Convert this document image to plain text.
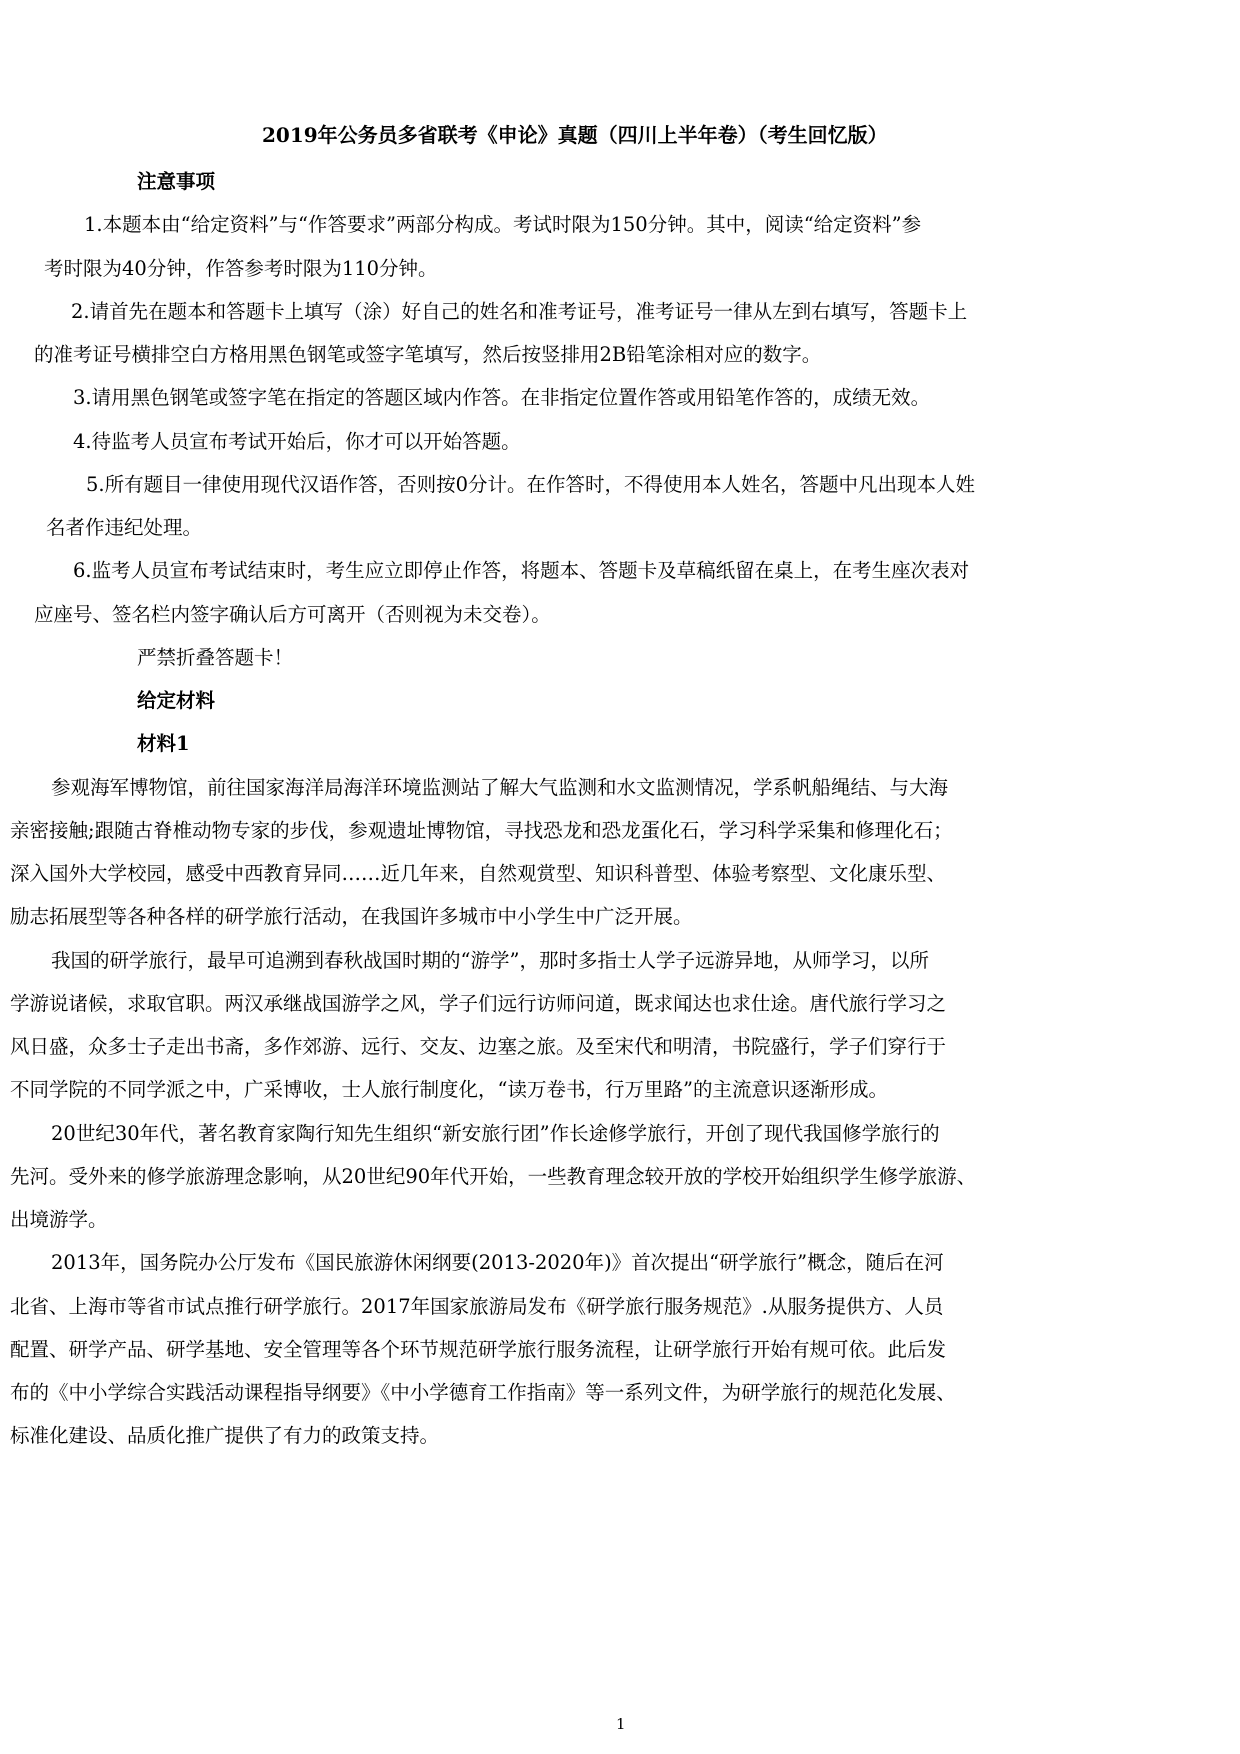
2019年公务员多省联考《申论》真题（四川上半年卷）（考生回忆版）
注意事项
1.本题本由“给定资料”与“作答要求”两部分构成。考试时限为150分钟。其中，阅读“给定资料”参
考时限为40分钟，作答参考时限为110分钟。
2.请首先在题本和答题卡上填写（涂）好自己的姓名和准考证号，准考证号一律从左到右填写，答题卡上
的准考证号横排空白方格用黑色钢笔或签字笔填写，然后按竖排用2B铅笔涂相对应的数字。
3.请用黑色钢笔或签字笔在指定的答题区域内作答。在非指定位置作答或用铅笔作答的，成绩无效。
4.待监考人员宣布考试开始后，你才可以开始答题。
5.所有题目一律使用现代汉语作答，否则按0分计。在作答时，不得使用本人姓名，答题中凡出现本人姓
名者作违纪处理。
6.监考人员宣布考试结束时，考生应立即停止作答，将题本、答题卡及草稿纸留在桌上，在考生座次表对
应座号、签名栏内签字确认后方可离开（否则视为未交卷）。
严禁折叠答题卡！
给定材料
材料1
参观海军博物馆，前往国家海洋局海洋环境监测站了解大气监测和水文监测情况，学系帆船绳结、与大海
亲密接触;跟随古脊椎动物专家的步伐，参观遗址博物馆，寻找恐龙和恐龙蛋化石，学习科学采集和修理化石；
深入国外大学校园，感受中西教育异同……近几年来，自然观赏型、知识科普型、体验考察型、文化康乐型、
励志拓展型等各种各样的研学旅行活动，在我国许多城市中小学生中广泛开展。
我国的研学旅行，最早可追溯到春秋战国时期的“游学”，那时多指士人学子远游异地，从师学习，以所
学游说诸候，求取官职。两汉承继战国游学之风，学子们远行访师问道，既求闻达也求仕途。唐代旅行学习之
风日盛，众多士子走出书斋，多作郊游、远行、交友、边塞之旅。及至宋代和明清，书院盛行，学子们穿行于
不同学院的不同学派之中，广采博收，士人旅行制度化，“读万卷书，行万里路”的主流意识逐渐形成。
20世纪30年代，著名教育家陶行知先生组织“新安旅行团”作长途修学旅行，开创了现代我国修学旅行的
先河。受外来的修学旅游理念影响，从20世纪90年代开始，一些教育理念较开放的学校开始组织学生修学旅游、
出境游学。
2013年，国务院办公厅发布《国民旅游休闲纲要(2013-2020年)》首次提出“研学旅行”概念，随后在河
北省、上海市等省市试点推行研学旅行。2017年国家旅游局发布《研学旅行服务规范》.从服务提供方、人员
配置、研学产品、研学基地、安全管理等各个环节规范研学旅行服务流程，让研学旅行开始有规可依。此后发
布的《中小学综合实践活动课程指导纲要》《中小学德育工作指南》等一系列文件，为研学旅行的规范化发展、
标准化建设、品质化推广提供了有力的政策支持。
1
